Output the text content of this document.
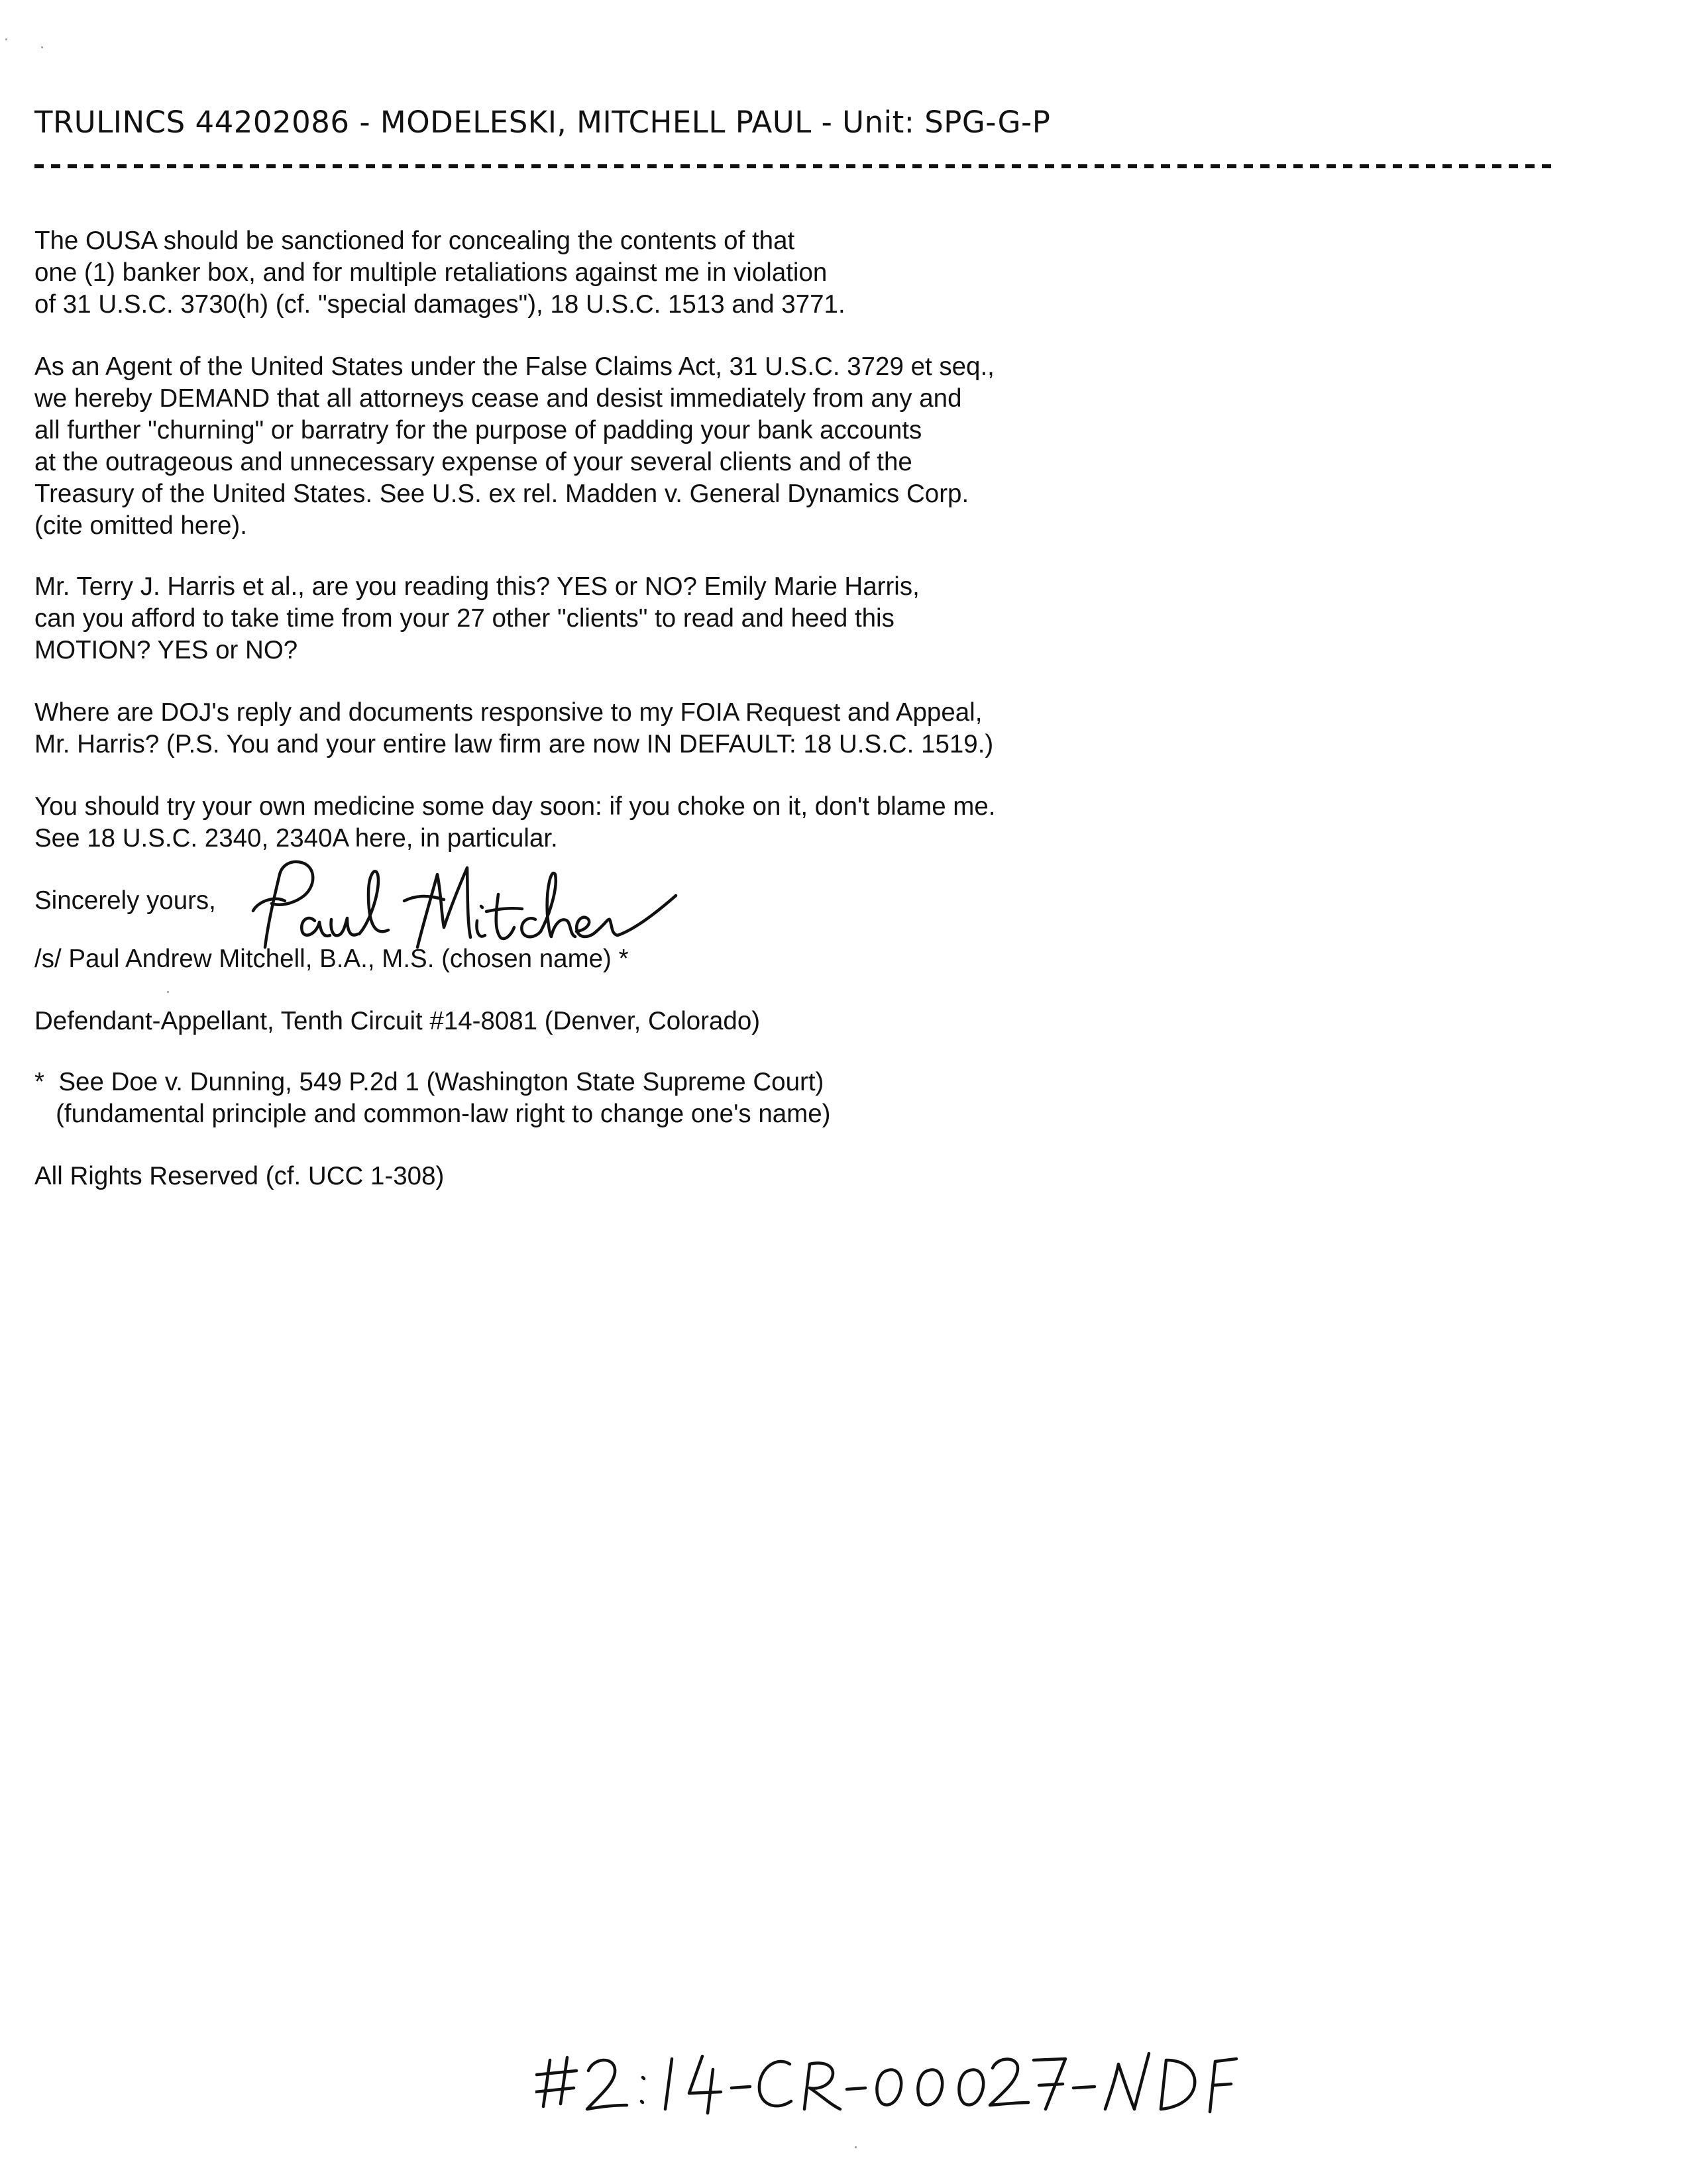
TRULINCS 44202086 - MODELESKI, MITCHELL PAUL - Unit: SPG-G-P
The OUSA should be sanctioned for concealing the contents of that
one (1) banker box, and for multiple retaliations against me in violation
of 31 U.S.C. 3730(h) (cf. "special damages"), 18 U.S.C. 1513 and 3771.
As an Agent of the United States under the False Claims Act, 31 U.S.C. 3729 et seq.,
we hereby DEMAND that all attorneys cease and desist immediately from any and
all further "churning" or barratry for the purpose of padding your bank accounts
at the outrageous and unnecessary expense of your several clients and of the
Treasury of the United States. See U.S. ex rel. Madden v. General Dynamics Corp.
(cite omitted here).
Mr. Terry J. Harris et al., are you reading this? YES or NO? Emily Marie Harris,
can you afford to take time from your 27 other "clients" to read and heed this
MOTION? YES or NO?
Where are DOJ's reply and documents responsive to my FOIA Request and Appeal,
Mr. Harris? (P.S. You and your entire law firm are now IN DEFAULT: 18 U.S.C. 1519.)
You should try your own medicine some day soon: if you choke on it, don't blame me.
See 18 U.S.C. 2340, 2340A here, in particular.
Sincerely yours,
/s/ Paul Andrew Mitchell, B.A., M.S. (chosen name) *
Defendant-Appellant, Tenth Circuit #14-8081 (Denver, Colorado)
*  See Doe v. Dunning, 549 P.2d 1 (Washington State Supreme Court)
(fundamental principle and common-law right to change one's name)
All Rights Reserved (cf. UCC 1-308)
